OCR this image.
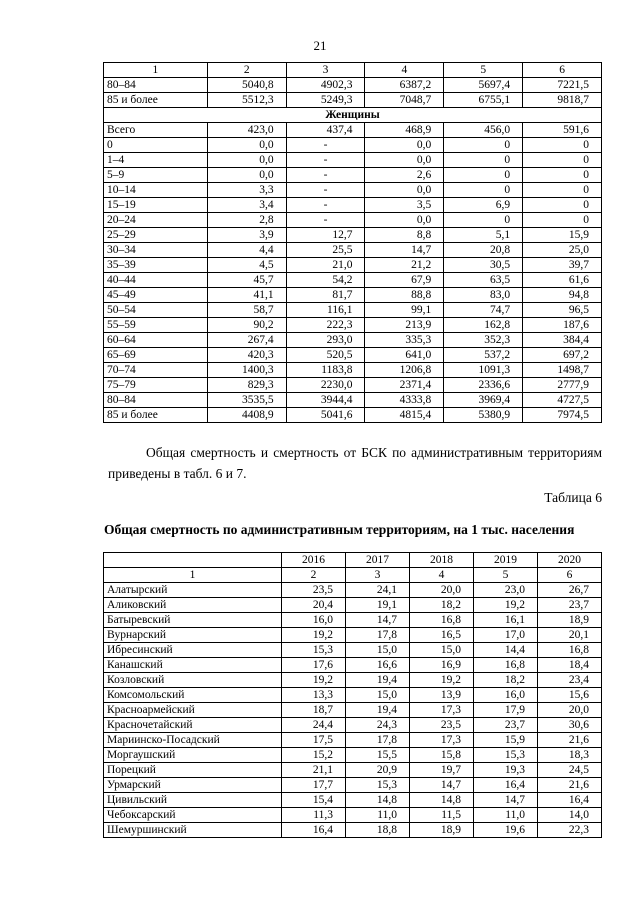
21
1	2	3	4	5	6
80–84	5040,8	4902,3	6387,2	5697,4	7221,5
85 и более	5512,3	5249,3	7048,7	6755,1	9818,7
Женщины					
Всего	423,0	437,4	468,9	456,0	591,6
0	0,0	-	0,0	0	0
1–4	0,0	-	0,0	0	0
5–9	0,0	-	2,6	0	0
10–14	3,3	-	0,0	0	0
15–19	3,4	-	3,5	6,9	0
20–24	2,8	-	0,0	0	0
25–29	3,9	12,7	8,8	5,1	15,9
30–34	4,4	25,5	14,7	20,8	25,0
35–39	4,5	21,0	21,2	30,5	39,7
40–44	45,7	54,2	67,9	63,5	61,6
45–49	41,1	81,7	88,8	83,0	94,8
50–54	58,7	116,1	99,1	74,7	96,5
55–59	90,2	222,3	213,9	162,8	187,6
60–64	267,4	293,0	335,3	352,3	384,4
65–69	420,3	520,5	641,0	537,2	697,2
70–74	1400,3	1183,8	1206,8	1091,3	1498,7
75–79	829,3	2230,0	2371,4	2336,6	2777,9
80–84	3535,5	3944,4	4333,8	3969,4	4727,5
85 и более	4408,9	5041,6	4815,4	5380,9	7974,5
Общая смертность и смертность от БСК по административным территориям приведены в табл. 6 и 7.
Таблица 6
Общая смертность по административным территориям, на 1 тыс. населения
	2016	2017	2018	2019	2020
1	2	3	4	5	6
Алатырский	23,5	24,1	20,0	23,0	26,7
Аликовский	20,4	19,1	18,2	19,2	23,7
Батыревский	16,0	14,7	16,8	16,1	18,9
Вурнарский	19,2	17,8	16,5	17,0	20,1
Ибресинский	15,3	15,0	15,0	14,4	16,8
Канашский	17,6	16,6	16,9	16,8	18,4
Козловский	19,2	19,4	19,2	18,2	23,4
Комсомольский	13,3	15,0	13,9	16,0	15,6
Красноармейский	18,7	19,4	17,3	17,9	20,0
Красночетайский	24,4	24,3	23,5	23,7	30,6
Мариинско-Посадский	17,5	17,8	17,3	15,9	21,6
Моргаушский	15,2	15,5	15,8	15,3	18,3
Порецкий	21,1	20,9	19,7	19,3	24,5
Урмарский	17,7	15,3	14,7	16,4	21,6
Цивильский	15,4	14,8	14,8	14,7	16,4
Чебоксарский	11,3	11,0	11,5	11,0	14,0
Шемуршинский	16,4	18,8	18,9	19,6	22,3
